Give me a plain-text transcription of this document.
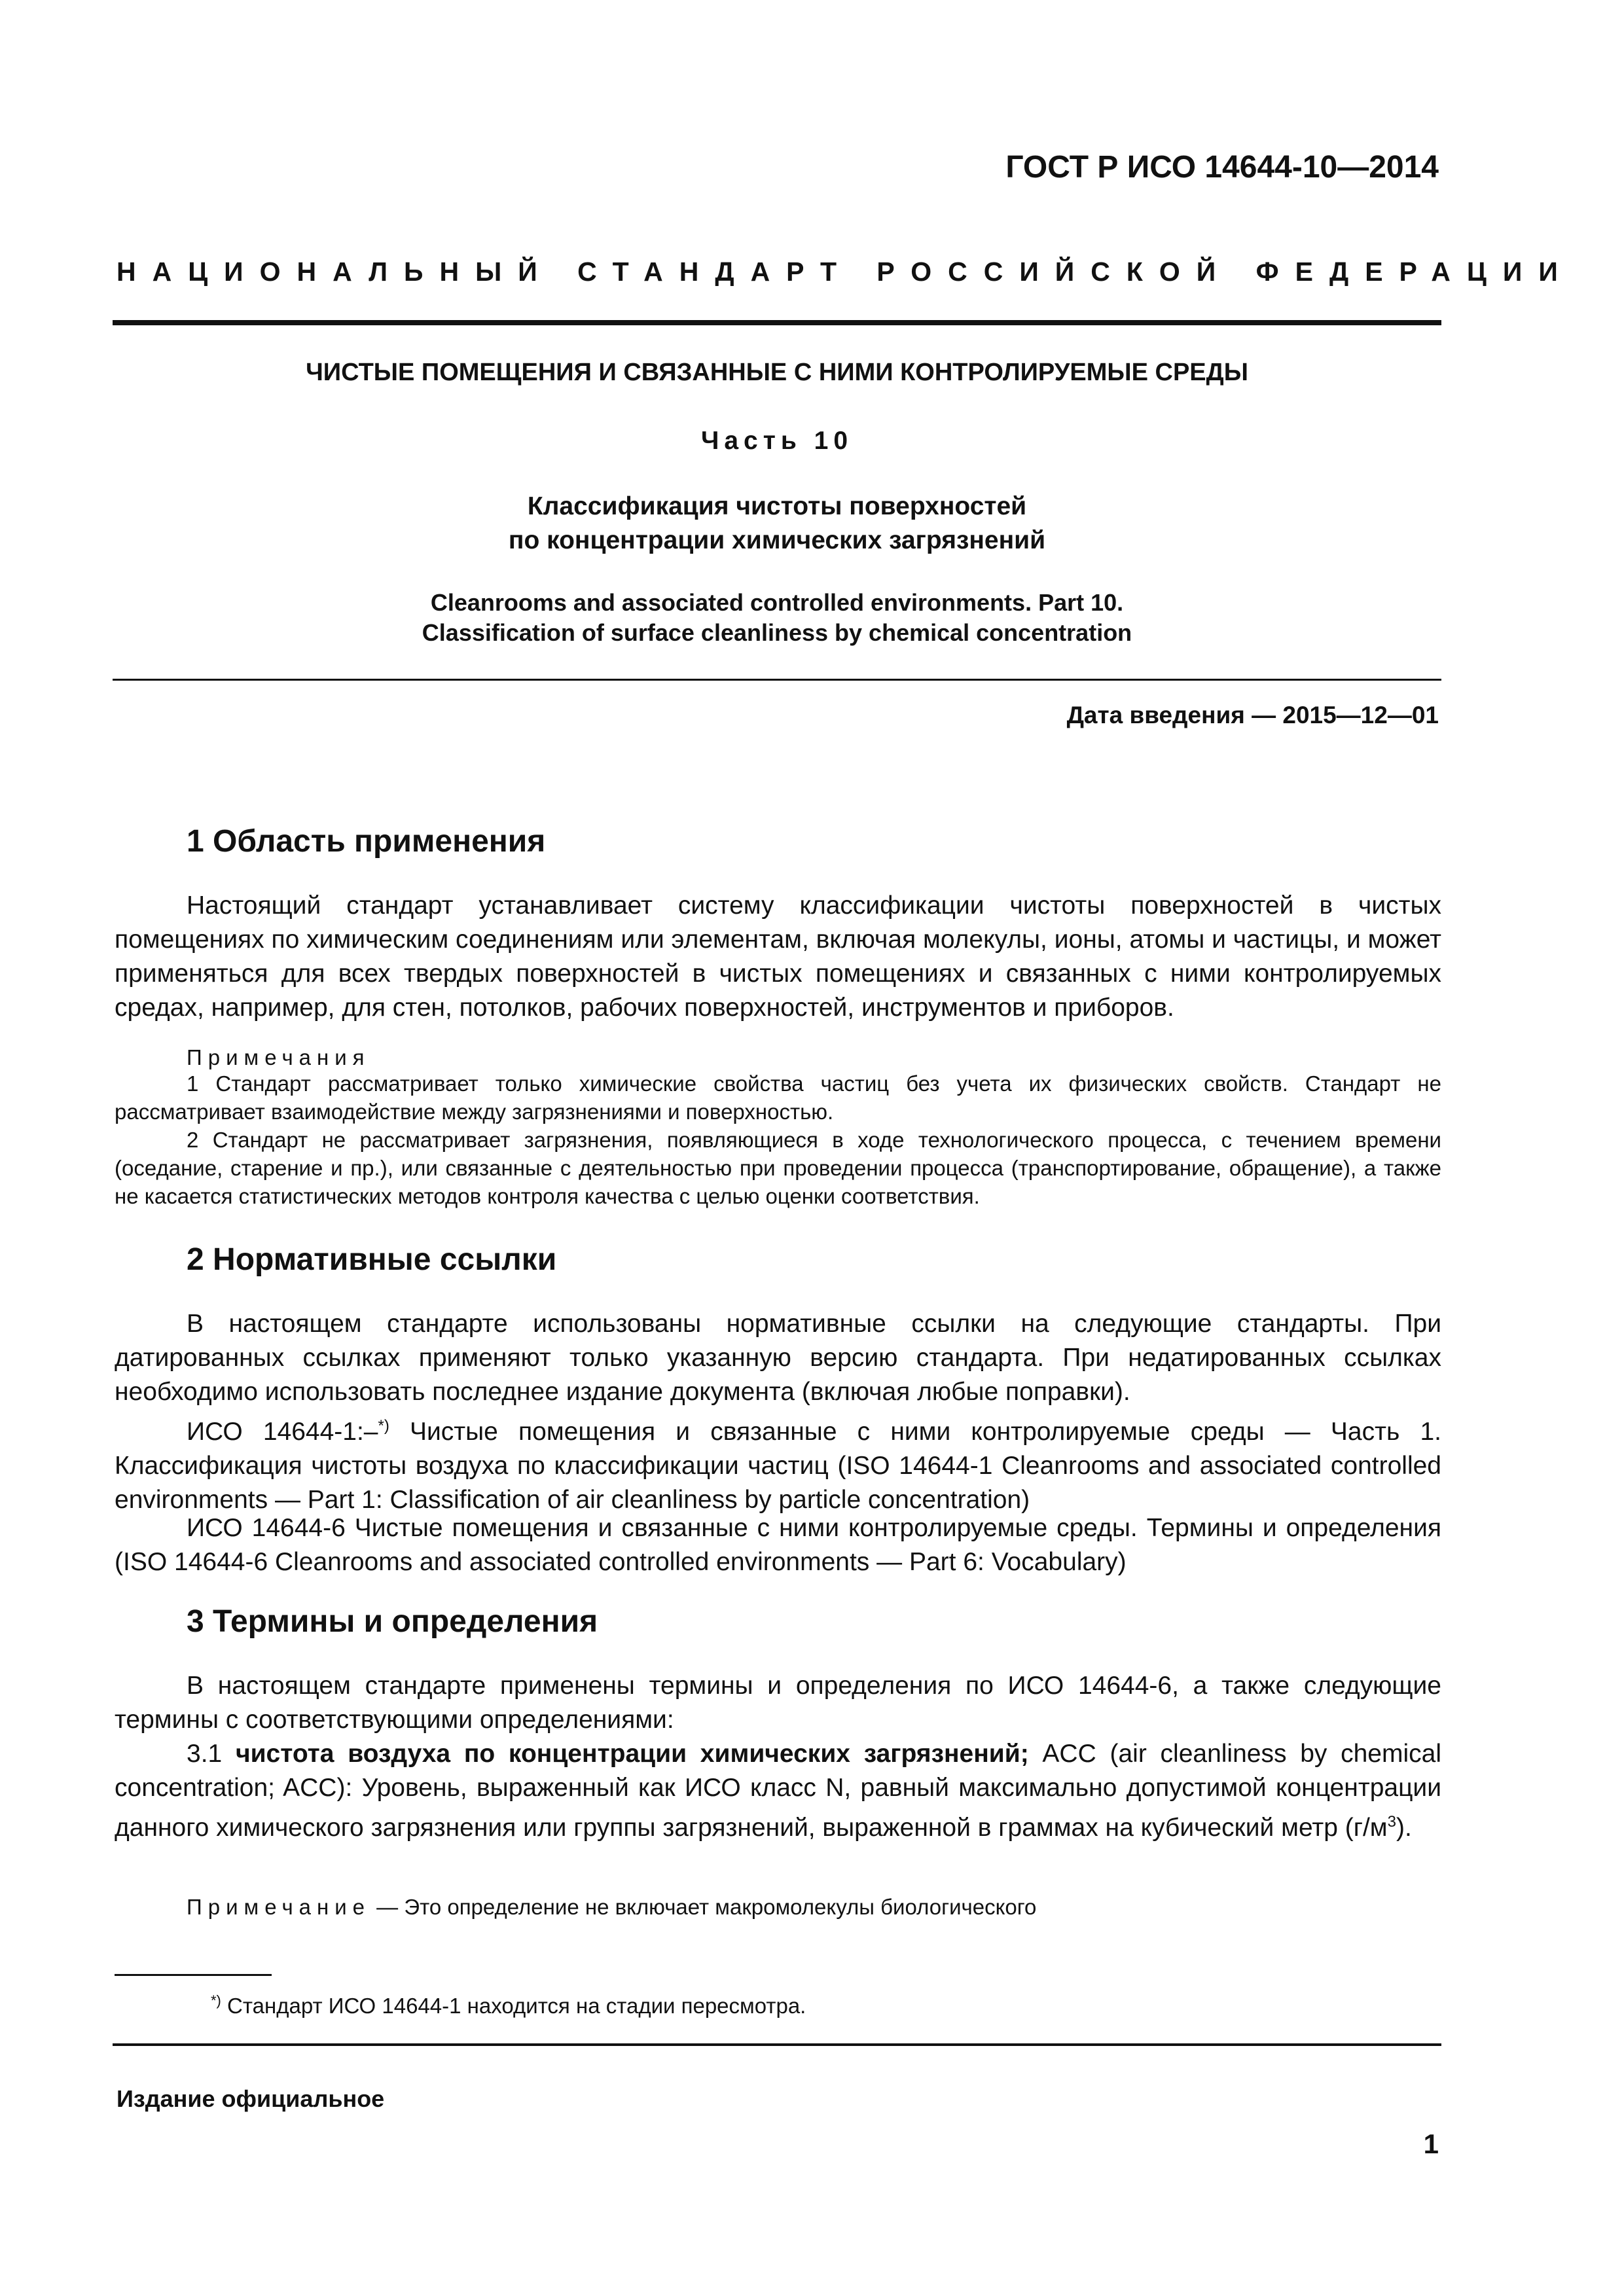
ГОСТ Р ИСО 14644-10—2014
НАЦИОНАЛЬНЫЙ СТАНДАРТ РОССИЙСКОЙ ФЕДЕРАЦИИ
ЧИСТЫЕ ПОМЕЩЕНИЯ И СВЯЗАННЫЕ С НИМИ КОНТРОЛИРУЕМЫЕ СРЕДЫ
Часть 10
Классификация чистоты поверхностей
по концентрации химических загрязнений
Cleanrooms and associated controlled environments. Part 10.
Classification of surface cleanliness by chemical concentration
Дата введения — 2015—12—01
1 Область применения
Настоящий стандарт устанавливает систему классификации чистоты поверхностей в чистых помещениях по химическим соединениям или элементам, включая молекулы, ионы, атомы и частицы, и может применяться для всех твердых поверхностей в чистых помещениях и связанных с ними контролируемых средах, например, для стен, потолков, рабочих поверхностей, инструментов и приборов.
Примечания
1 Стандарт рассматривает только химические свойства частиц без учета их физических свойств. Стандарт не рассматривает взаимодействие между загрязнениями и поверхностью.
2 Стандарт не рассматривает загрязнения, появляющиеся в ходе технологического процесса, с течением времени (оседание, старение и пр.), или связанные с деятельностью при проведении процесса (транспортирование, обращение), а также не касается статистических методов контроля качества с целью оценки соответствия.
2 Нормативные ссылки
В настоящем стандарте использованы нормативные ссылки на следующие стандарты. При датированных ссылках применяют только указанную версию стандарта. При недатированных ссылках необходимо использовать последнее издание документа (включая любые поправки).
ИСО 14644-1:–*) Чистые помещения и связанные с ними контролируемые среды — Часть 1. Классификация чистоты воздуха по классификации частиц (ISO 14644-1 Cleanrooms and associated controlled environments — Part 1: Classification of air cleanliness by particle concentration)
ИСО 14644-6 Чистые помещения и связанные с ними контролируемые среды. Термины и определения (ISO 14644-6 Cleanrooms and associated controlled environments — Part 6: Vocabulary)
3 Термины и определения
В настоящем стандарте применены термины и определения по ИСО 14644-6, а также следующие термины с соответствующими определениями:
3.1 чистота воздуха по концентрации химических загрязнений; ACC (air cleanliness by chemical concentration; ACC): Уровень, выраженный как ИСО класс N, равный максимально допустимой концентрации данного химического загрязнения или группы загрязнений, выраженной в граммах на кубический метр $(г/м^3)$.
Примечание — Это определение не включает макромолекулы биологического
*) Стандарт ИСО 14644-1 находится на стадии пересмотра.
Издание официальное
1
